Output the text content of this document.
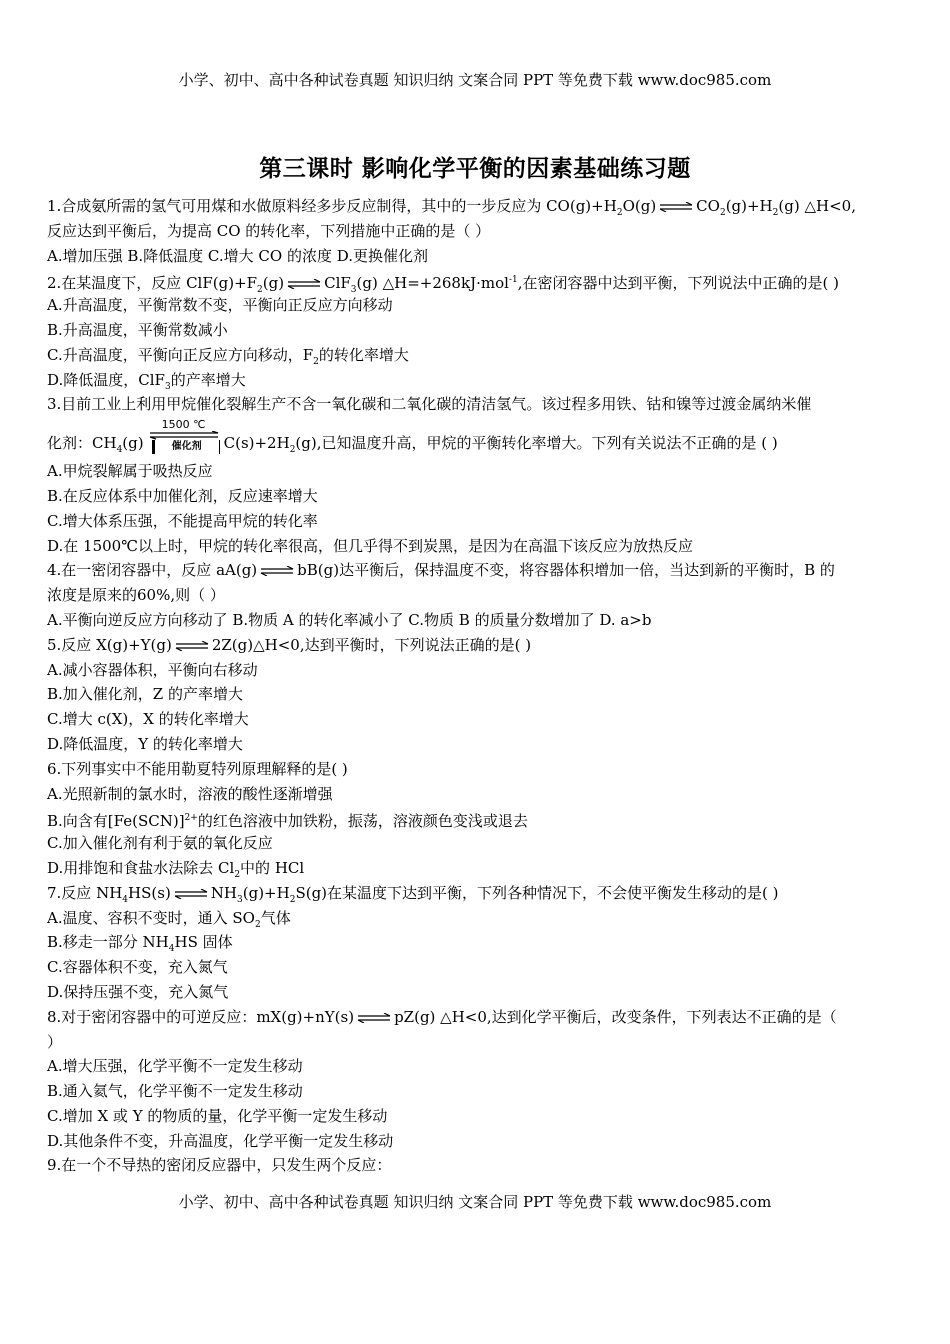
小学、初中、高中各种试卷真题 知识归纳 文案合同 PPT 等免费下载 www.doc985.com
第三课时 影响化学平衡的因素基础练习题
1.合成氨所需的氢气可用煤和水做原料经多步反应制得，其中的一步反应为 $CO(g)+H_2O(g)$ ⇌ $CO_2(g)+H_2(g)$ △H<0,
反应达到平衡后，为提高 CO 的转化率，下列措施中正确的是（ ）
A.增加压强 B.降低温度 C.增大 CO 的浓度 D.更换催化剂
2.在某温度下，反应 $ClF(g)+F_2(g)$ ⇌ ClF$_3$(g) △H=+268kJ·mol$^{-1}$,在密闭容器中达到平衡，下列说法中正确的是( )
A.升高温度，平衡常数不变，平衡向正反应方向移动
B.升高温度，平衡常数减小
C.升高温度，平衡向正反应方向移动，$F_2$的转化率增大
D.降低温度，ClF$_3$的产率增大
3.目前工业上利用甲烷催化裂解生产不含一氧化碳和二氧化碳的清洁氢气。该过程多用铁、钴和镍等过渡金属纳米催
化剂：$CH_4(g)$
1500 ℃
催化剂	$C(s)+2H_2(g)$,已知温度升高，甲烷的平衡转化率增大。下列有关说法不正确的是 ( )
A.甲烷裂解属于吸热反应
B.在反应体系中加催化剂，反应速率增大
C.增大体系压强，不能提高甲烷的转化率
D.在 1500℃以上时，甲烷的转化率很高，但几乎得不到炭黑，是因为在高温下该反应为放热反应
4.在一密闭容器中，反应 aA(g) ⇌ bB(g)达平衡后，保持温度不变，将容器体积增加一倍，当达到新的平衡时，B 的
浓度是原来的60%,则（ ）
A.平衡向逆反应方向移动了 B.物质 A 的转化率减小了 C.物质 B 的质量分数增加了 D. a>b
5.反应 X(g)+Y(g) ⇌ 2Z(g)△H<0,达到平衡时，下列说法正确的是( )
A.减小容器体积，平衡向右移动
B.加入催化剂，Z 的产率增大
C.增大 c(X)，X 的转化率增大
D.降低温度，Y 的转化率增大
6.下列事实中不能用勒夏特列原理解释的是( )
A.光照新制的氯水时，溶液的酸性逐渐增强
B.向含有$[Fe(SCN)]^{2+}$的红色溶液中加铁粉，振荡，溶液颜色变浅或退去
C.加入催化剂有利于氨的氧化反应
D.用排饱和食盐水法除去 $Cl_2$中的 HCl
7.反应 $NH_4HS(s)$ ⇌ $NH_3(g)+H_2S(g)$在某温度下达到平衡，下列各种情况下，不会使平衡发生移动的是( )
A.温度、容积不变时，通入 $SO_2$气体
B.移走一部分 $NH_4HS$ 固体
C.容器体积不变，充入氮气
D.保持压强不变，充入氮气
8.对于密闭容器中的可逆反应：mX(g)+nY(s) ⇌ pZ(g) △H<0,达到化学平衡后，改变条件，下列表达不正确的是（
）
A.增大压强，化学平衡不一定发生移动
B.通入氦气，化学平衡不一定发生移动
C.增加 X 或 Y 的物质的量，化学平衡一定发生移动
D.其他条件不变，升高温度，化学平衡一定发生移动
9.在一个不导热的密闭反应器中，只发生两个反应：
小学、初中、高中各种试卷真题 知识归纳 文案合同 PPT 等免费下载 www.doc985.com
